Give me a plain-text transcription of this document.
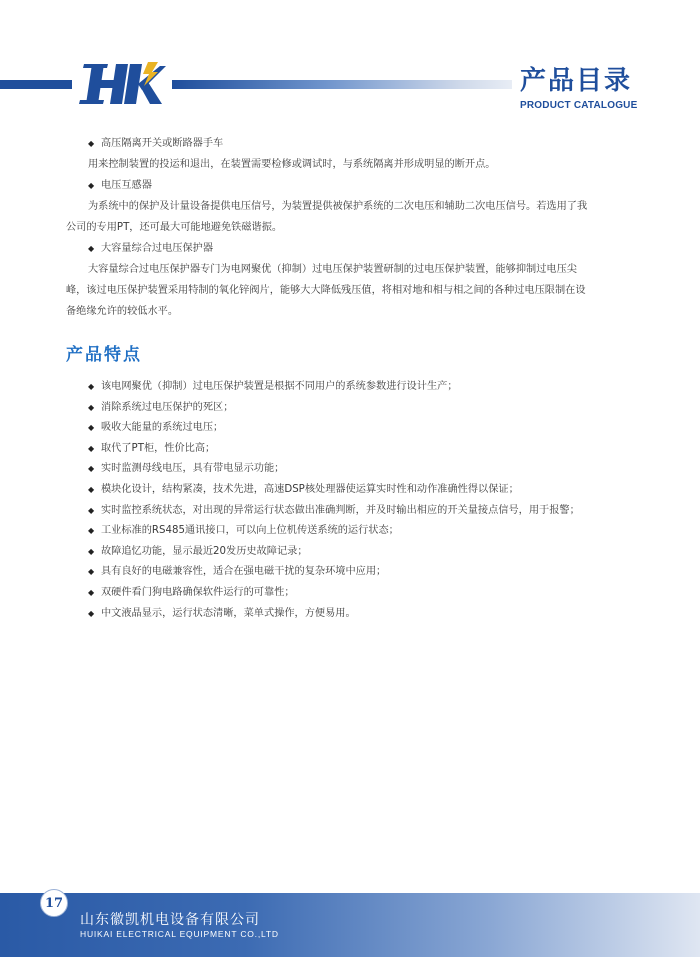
产品目录
PRODUCT CATALOGUE
◆ 高压隔离开关或断路器手车
用来控制装置的投运和退出，在装置需要检修或调试时，与系统隔离并形成明显的断开点。
◆ 电压互感器
为系统中的保护及计量设备提供电压信号，为装置提供被保护系统的二次电压和辅助二次电压信号。若选用了我
公司的专用PT，还可最大可能地避免铁磁谐振。
◆ 大容量综合过电压保护器
大容量综合过电压保护器专门为电网聚优（抑制）过电压保护装置研制的过电压保护装置，能够抑制过电压尖
峰，该过电压保护装置采用特制的氧化锌阀片，能够大大降低残压值，将相对地和相与相之间的各种过电压限制在设
备绝缘允许的较低水平。
产品特点
◆ 该电网聚优（抑制）过电压保护装置是根据不同用户的系统参数进行设计生产；
◆ 消除系统过电压保护的死区；
◆ 吸收大能量的系统过电压；
◆ 取代了PT柜，性价比高；
◆ 实时监测母线电压，具有带电显示功能；
◆ 模块化设计，结构紧凑，技术先进，高速DSP核处理器使运算实时性和动作准确性得以保证；
◆ 实时监控系统状态，对出现的异常运行状态做出准确判断，并及时输出相应的开关量接点信号，用于报警；
◆ 工业标准的RS485通讯接口，可以向上位机传送系统的运行状态；
◆ 故障追忆功能，显示最近20发历史故障记录；
◆ 具有良好的电磁兼容性，适合在强电磁干扰的复杂环境中应用；
◆ 双硬件看门狗电路确保软件运行的可靠性；
◆ 中文液晶显示，运行状态清晰，菜单式操作，方便易用。
17
山东徽凯机电设备有限公司
HUIKAI ELECTRICAL EQUIPMENT CO.,LTD
